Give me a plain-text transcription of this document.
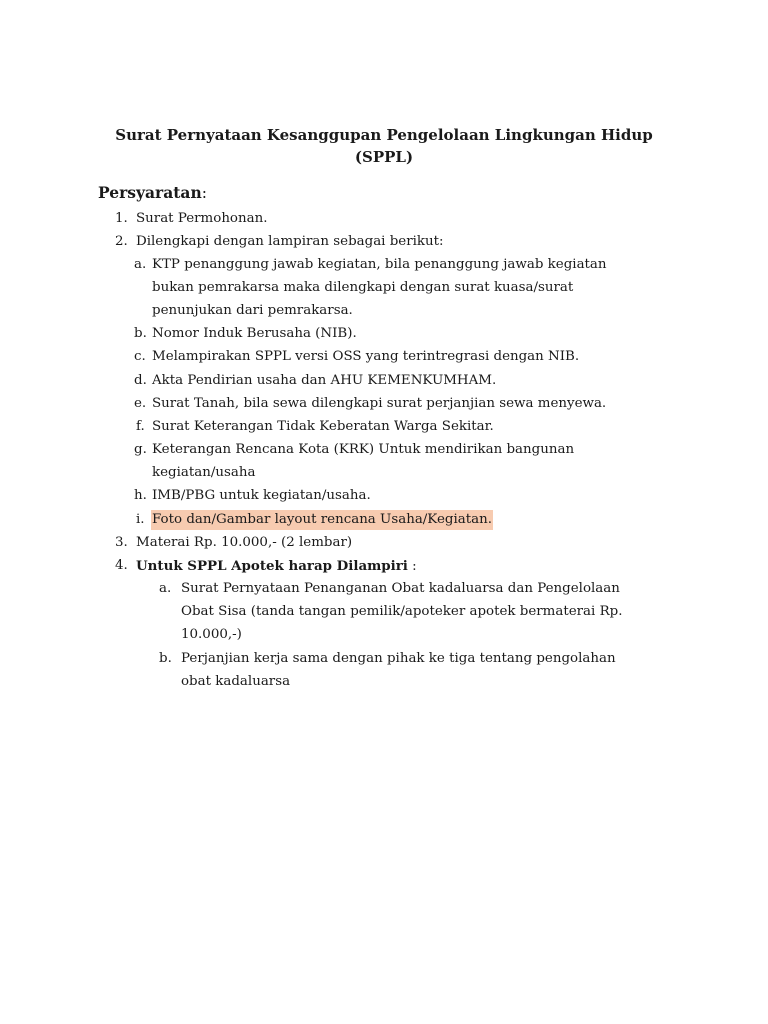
Surat Pernyataan Kesanggupan Pengelolaan Lingkungan Hidup
(SPPL)
Persyaratan:
1. Surat Permohonan.
2. Dilengkapi dengan lampiran sebagai berikut:
a. KTP penanggung jawab kegiatan, bila penanggung jawab kegiatan
bukan pemrakarsa maka dilengkapi dengan surat kuasa/surat
penunjukan dari pemrakarsa.
b. Nomor Induk Berusaha (NIB).
c. Melampirakan SPPL versi OSS yang terintregrasi dengan NIB.
d. Akta Pendirian usaha dan AHU KEMENKUMHAM.
e. Surat Tanah, bila sewa dilengkapi surat perjanjian sewa menyewa.
f. Surat Keterangan Tidak Keberatan Warga Sekitar.
g. Keterangan Rencana Kota (KRK) Untuk mendirikan bangunan
kegiatan/usaha
h. IMB/PBG untuk kegiatan/usaha.
i. Foto dan/Gambar layout rencana Usaha/Kegiatan.
3. Materai Rp. 10.000,- (2 lembar)
4. Untuk SPPL Apotek harap Dilampiri :
a. Surat Pernyataan Penanganan Obat kadaluarsa dan Pengelolaan
Obat Sisa (tanda tangan pemilik/apoteker apotek bermaterai Rp.
10.000,-)
b. Perjanjian kerja sama dengan pihak ke tiga tentang pengolahan
obat kadaluarsa
